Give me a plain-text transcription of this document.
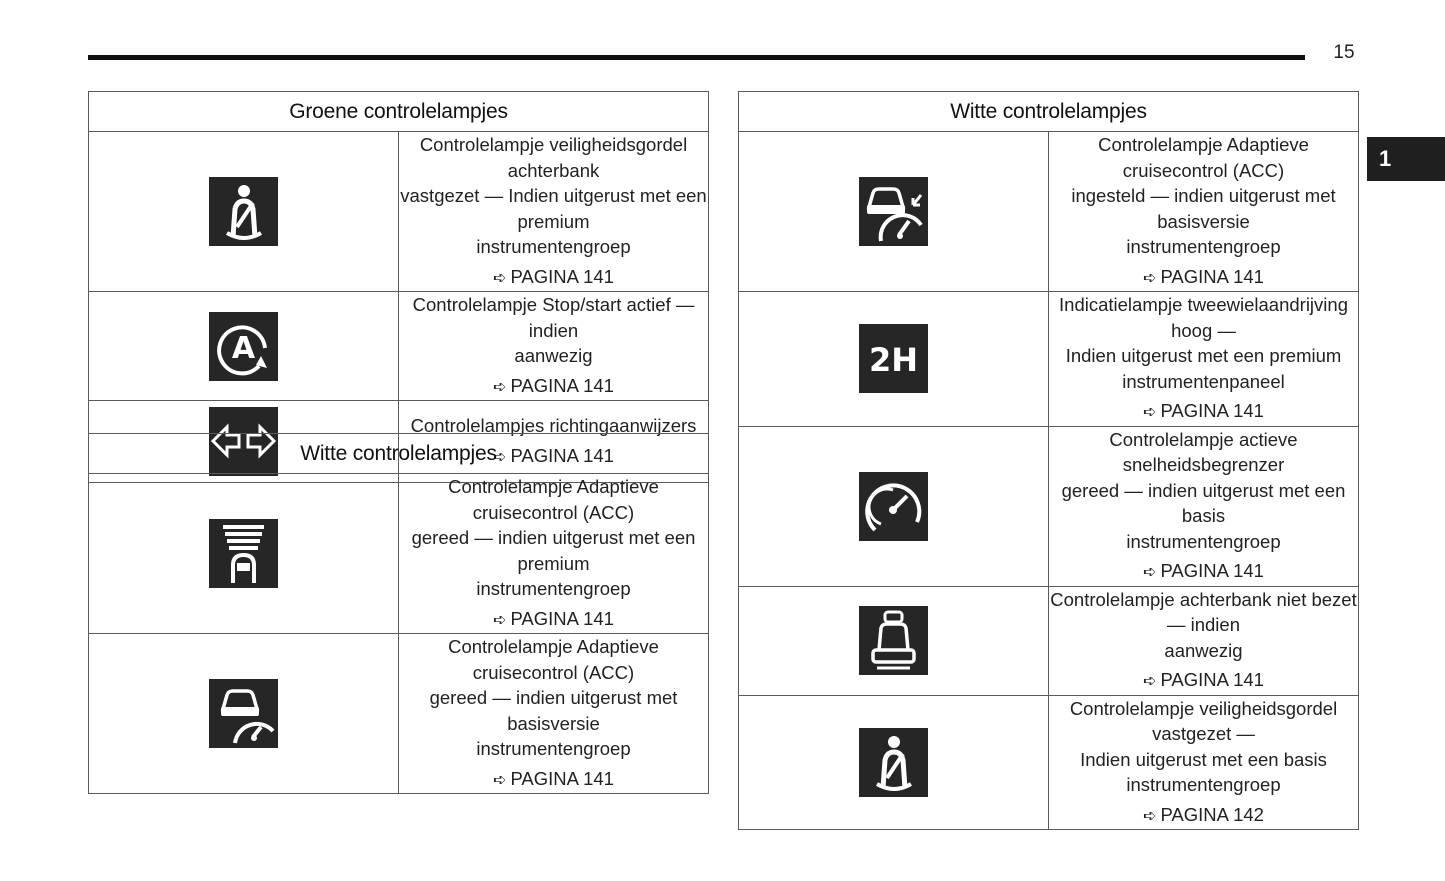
15
1
Groene controlelampjes	

	Controlelampje veiligheidsgordel achterbank
vastgezet — Indien uitgerust met een premium
instrumentengroep
➪ PAGINA 141

A	Controlelampje Stop/start actief — indien
aanwezig
➪ PAGINA 141

	Controlelampjes richtingaanwijzers
➪ PAGINA 141
Witte controlelampjes	

	Controlelampje Adaptieve cruisecontrol (ACC)
gereed — indien uitgerust met een premium
instrumentengroep
➪ PAGINA 141

	Controlelampje Adaptieve cruisecontrol (ACC)
gereed — indien uitgerust met basisversie
instrumentengroep
➪ PAGINA 141
Witte controlelampjes	

	Controlelampje Adaptieve cruisecontrol (ACC)
ingesteld — indien uitgerust met basisversie
instrumentengroep
➪ PAGINA 141

2H	Indicatielampje tweewielaandrijving hoog —
Indien uitgerust met een premium
instrumentenpaneel
➪ PAGINA 141

	Controlelampje actieve snelheidsbegrenzer
gereed — indien uitgerust met een basis
instrumentengroep
➪ PAGINA 141

	Controlelampje achterbank niet bezet — indien
aanwezig
➪ PAGINA 141

	Controlelampje veiligheidsgordel vastgezet —
Indien uitgerust met een basis
instrumentengroep
➪ PAGINA 142
